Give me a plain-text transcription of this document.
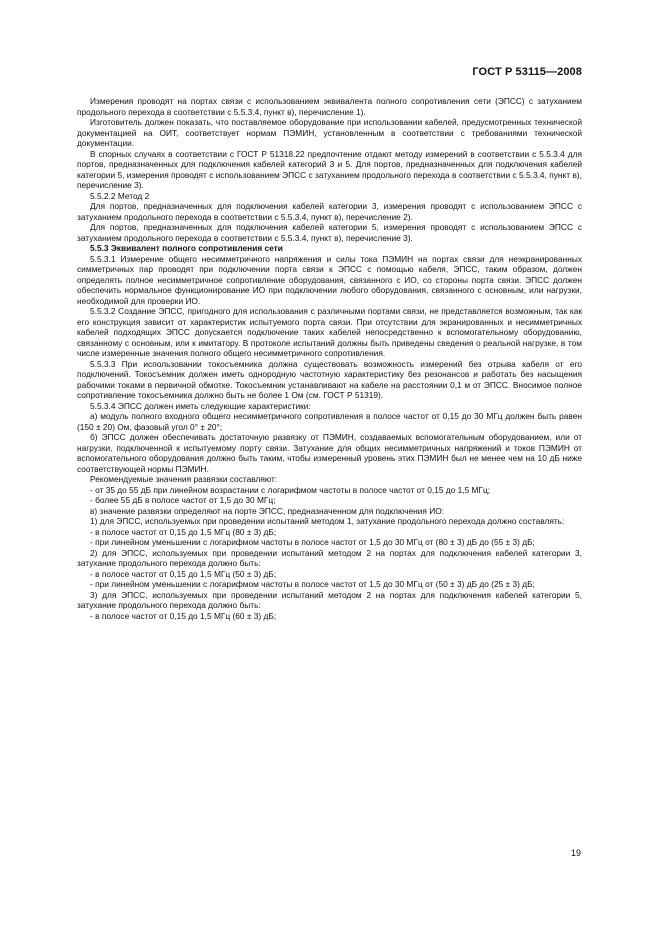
ГОСТ Р 53115—2008

Измерения проводят на портах связи с использованием эквивалента полного сопротивления сети (ЭПСС) с затуханием продольного перехода в соответствии с 5.5.3.4, пункт в), перечисление 1).

Изготовитель должен показать, что поставляемое оборудование при использовании кабелей, предусмотренных технической документацией на ОИТ, соответствует нормам ПЭМИН, установленным в соответствии с требованиями технической документации.

В спорных случаях в соответствии с ГОСТ Р 51318.22 предпочтение отдают методу измерений в соответствии с 5.5.3.4 для портов, предназначенных для подключения кабелей категорий 3 и 5. Для портов, предназначенных для подключения кабелей категории 5, измерения проводят с использованием ЭПСС с затуханием продольного перехода в соответствии с 5.5.3.4, пункт в), перечисление 3).

5.5.2.2 Метод 2

Для портов, предназначенных для подключения кабелей категории 3, измерения проводят с использованием ЭПСС с затуханием продольного перехода в соответствии с 5.5.3.4, пункт в), перечисление 2).

Для портов, предназначенных для подключения кабелей категории 5, измерения проводят с использованием ЭПСС с затуханием продольного перехода в соответствии с 5.5.3.4, пункт в), перечисление 3).

5.5.3 Эквивалент полного сопротивления сети

5.5.3.1 Измерение общего несимметричного напряжения и силы тока ПЭМИН на портах связи для неэкранированных симметричных пар проводят при подключении порта связи к ЭПСС с помощью кабеля, ЭПСС, таким образом, должен определять полное несимметричное сопротивление оборудования, связанного с ИО, со стороны порта связи. ЭПСС должен обеспечить нормальное функционирование ИО при подключении любого оборудования, связанного с основным, или нагрузки, необходимой для проверки ИО.

5.5.3.2 Создание ЭПСС, пригодного для использования с различными портами связи, не представляется возможным, так как его конструкция зависит от характеристик испытуемого порта связи. При отсутствии для экранированных и несимметричных кабелей подходящих ЭПСС допускается подключение таких кабелей непосредственно к вспомогательному оборудованию, связанному с основным, или к имитатору. В протоколе испытаний должны быть приведены сведения о реальной нагрузке, в том числе измеренные значения полного общего несимметричного сопротивления.

5.5.3.3 При использовании токосъемника должна существовать возможность измерений без отрыва кабеля от его подключений. Токосъемник должен иметь однородную частотную характеристику без резонансов и работать без насыщения рабочими токами в первичной обмотке. Токосъемник устанавливают на кабеле на расстоянии 0,1 м от ЭПСС. Вносимое полное сопротивление токосъемника должно быть не более 1 Ом (см. ГОСТ Р 51319).

5.5.3.4 ЭПСС должен иметь следующие характеристики:

а) модуль полного входного общего несимметричного сопротивления в полосе частот от 0,15 до 30 МГц должен быть равен (150 ± 20) Ом, фазовый угол 0° ± 20°;

б) ЭПСС должен обеспечивать достаточную развязку от ПЭМИН, создаваемых вспомогательным оборудованием, или от нагрузки, подключенной к испытуемому порту связи. Затухание для общих несимметричных напряжений и токов ПЭМИН от вспомогательного оборудования должно быть таким, чтобы измеренный уровень этих ПЭМИН был не менее чем на 10 дБ ниже соответствующей нормы ПЭМИН.

Рекомендуемые значения развязки составляют:

- от 35 до 55 дБ при линейном возрастании с логарифмом частоты в полосе частот от 0,15 до 1,5 МГц;

- более 55 дБ в полосе частот от 1,5 до 30 МГц;

в) значение развязки определяют на порте ЭПСС, предназначенном для подключения ИО:

1) для ЭПСС, используемых при проведении испытаний методом 1, затухание продольного перехода должно составлять:

- в полосе частот от 0,15 до 1,5 МГц (80 ± 3) дБ;

- при линейном уменьшении с логарифмом частоты в полосе частот от 1,5 до 30 МГц от (80 ± 3) дБ до (55 ± 3) дБ;

2) для ЭПСС, используемых при проведении испытаний методом 2 на портах для подключения кабелей категории 3, затухание продольного перехода должно быть:

- в полосе частот от 0,15 до 1,5 МГц (50 ± 3) дБ;

- при линейном уменьшении с логарифмом частоты в полосе частот от 1,5 до 30 МГц от (50 ± 3) дБ до (25 ± 3) дБ;

3) для ЭПСС, используемых при проведении испытаний методом 2 на портах для подключения кабелей категории 5, затухание продольного перехода должно быть:

- в полосе частот от 0,15 до 1,5 МГц (60 ± 3) дБ;

19
